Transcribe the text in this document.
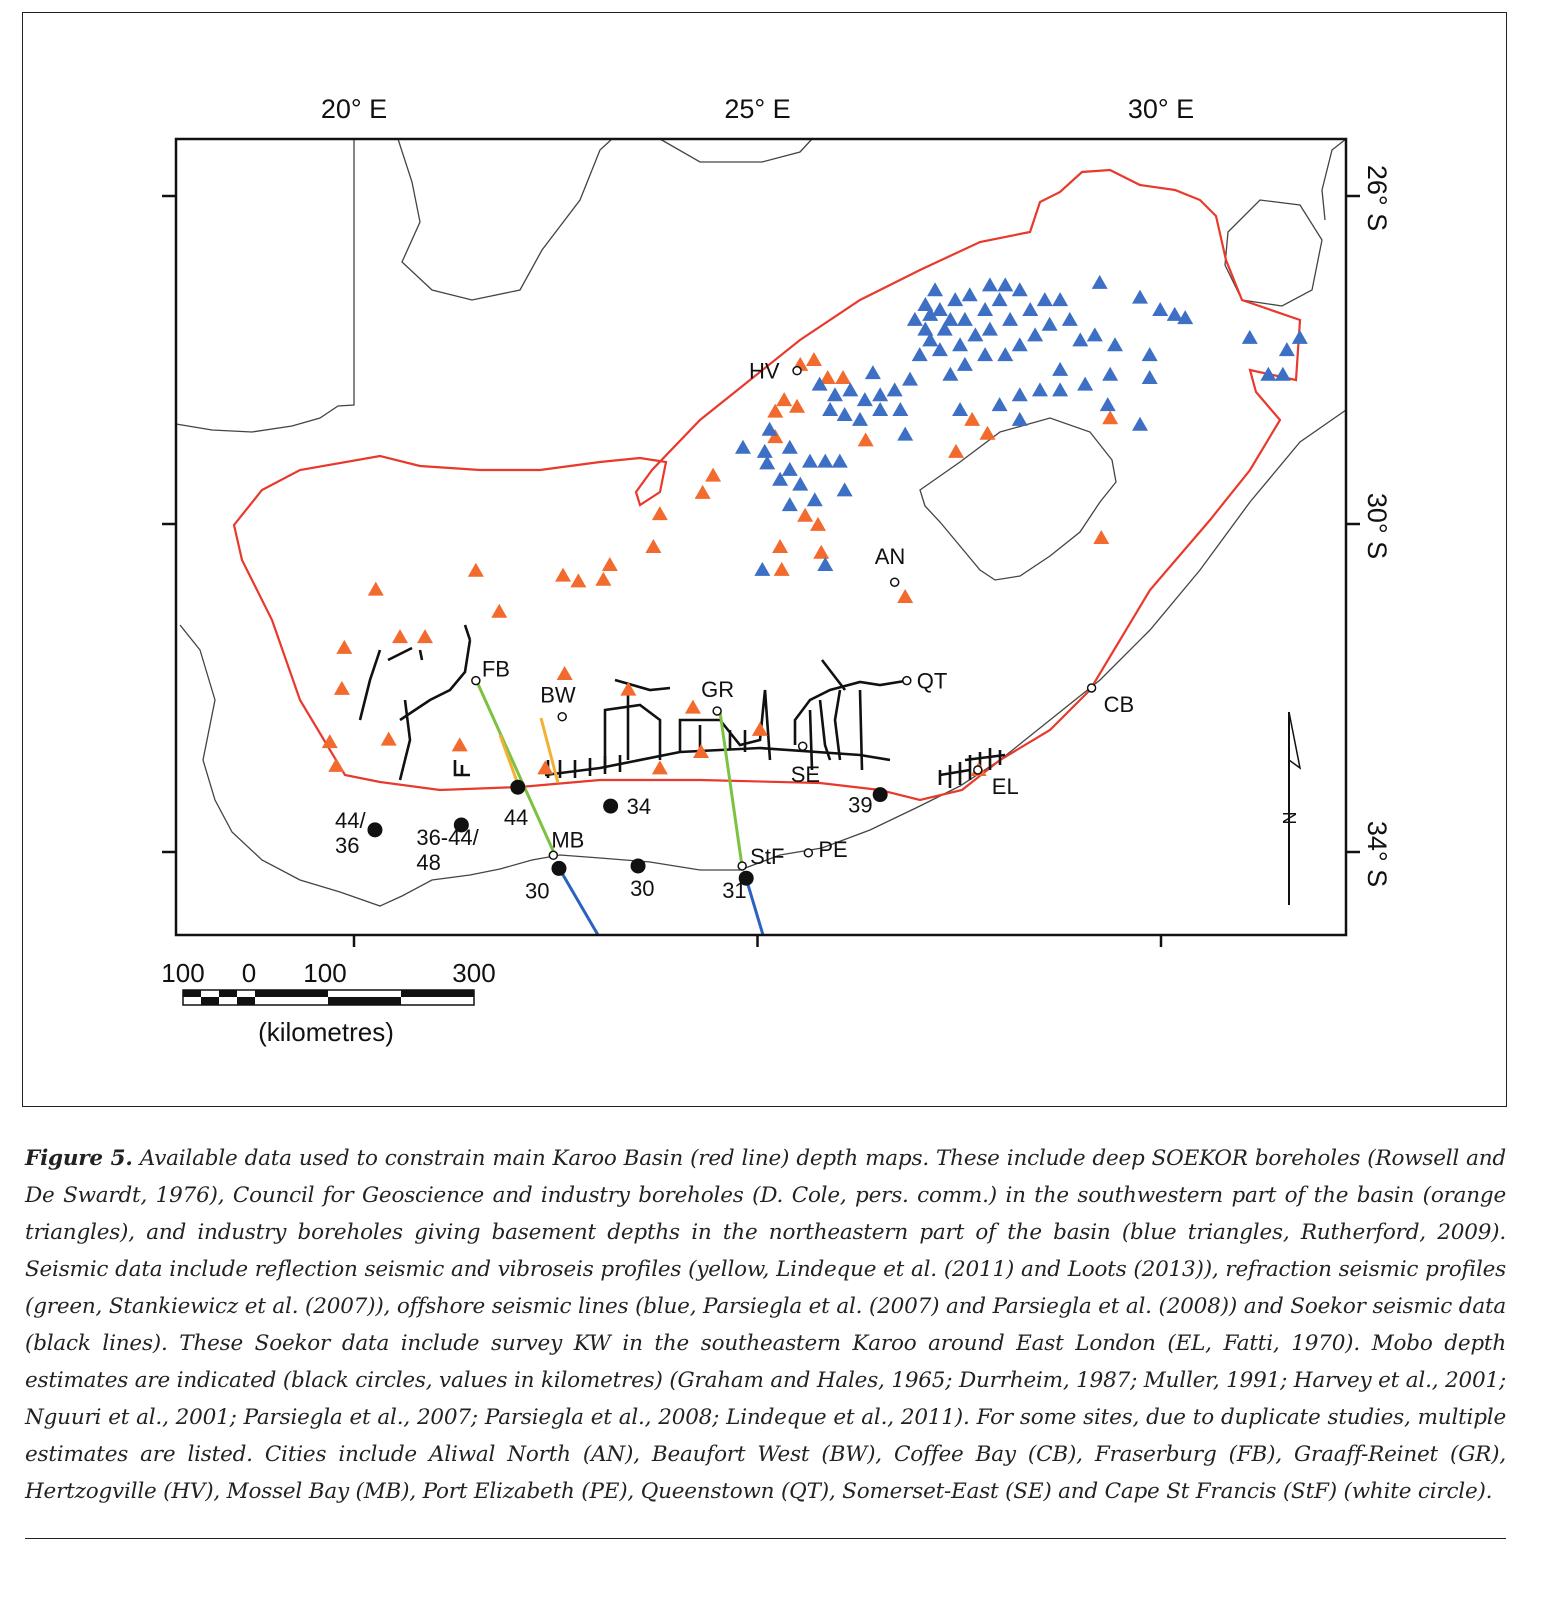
HV
AN
FB
BW	GR	QT
CB
SE	EL
PE
StF
MB
44/
36	36-44/
48
44	34
30	30	31
39
20° E	25° E	30° E
26° S
30° S
34° S
N
100 0 100	300
(kilometres)
Figure 5. Available data used to constrain main Karoo Basin (red line) depth maps. These include deep SOEKOR boreholes (Rowsell and De Swardt, 1976), Council for Geoscience and industry boreholes (D. Cole, pers. comm.) in the southwestern part of the basin (orange triangles), and industry boreholes giving basement depths in the northeastern part of the basin (blue triangles, Rutherford, 2009). Seismic data include reflection seismic and vibroseis profiles (yellow, Lindeque et al. (2011) and Loots (2013)), refraction seismic profiles (green, Stankiewicz et al. (2007)), offshore seismic lines (blue, Parsiegla et al. (2007) and Parsiegla et al. (2008)) and Soekor seismic data (black lines). These Soekor data include survey KW in the southeastern Karoo around East London (EL, Fatti, 1970). Mobo depth estimates are indicated (black circles, values in kilometres) (Graham and Hales, 1965; Durrheim, 1987; Muller, 1991; Harvey et al., 2001; Nguuri et al., 2001; Parsiegla et al., 2007; Parsiegla et al., 2008; Lindeque et al., 2011). For some sites, due to duplicate studies, multiple estimates are listed. Cities include Aliwal North (AN), Beaufort West (BW), Coffee Bay (CB), Fraserburg (FB), Graaff-Reinet (GR), Hertzogville (HV), Mossel Bay (MB), Port Elizabeth (PE), Queenstown (QT), Somerset-East (SE) and Cape St Francis (StF) (white circle).
